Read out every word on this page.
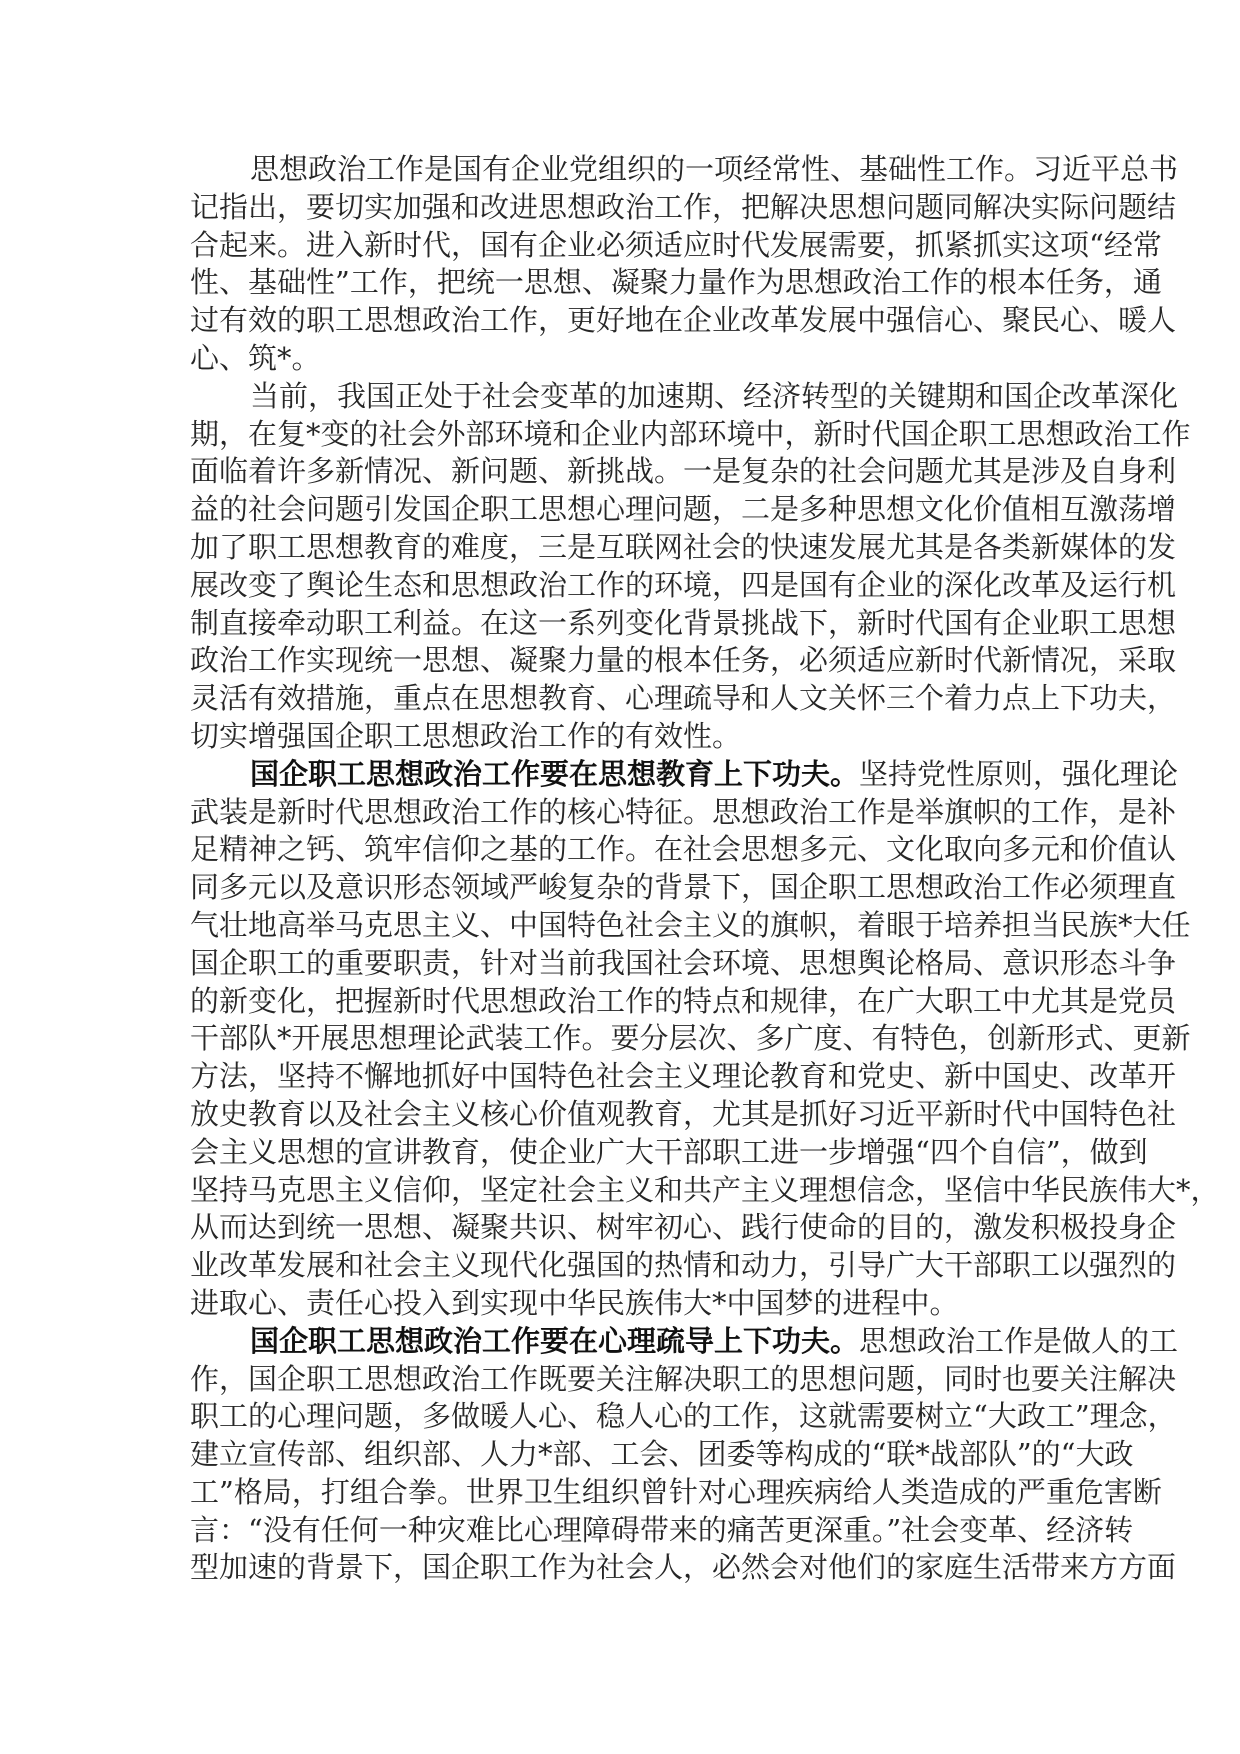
思想政治工作是国有企业党组织的一项经常性、基础性工作。习近平总书
记指出，要切实加强和改进思想政治工作，把解决思想问题同解决实际问题结
合起来。进入新时代，国有企业必须适应时代发展需要，抓紧抓实这项“经常
性、基础性”工作，把统一思想、凝聚力量作为思想政治工作的根本任务，通
过有效的职工思想政治工作，更好地在企业改革发展中强信心、聚民心、暖人
心、筑*。
当前，我国正处于社会变革的加速期、经济转型的关键期和国企改革深化
期，在复*变的社会外部环境和企业内部环境中，新时代国企职工思想政治工作
面临着许多新情况、新问题、新挑战。一是复杂的社会问题尤其是涉及自身利
益的社会问题引发国企职工思想心理问题，二是多种思想文化价值相互激荡增
加了职工思想教育的难度，三是互联网社会的快速发展尤其是各类新媒体的发
展改变了舆论生态和思想政治工作的环境，四是国有企业的深化改革及运行机
制直接牵动职工利益。在这一系列变化背景挑战下，新时代国有企业职工思想
政治工作实现统一思想、凝聚力量的根本任务，必须适应新时代新情况，采取
灵活有效措施，重点在思想教育、心理疏导和人文关怀三个着力点上下功夫，
切实增强国企职工思想政治工作的有效性。
国企职工思想政治工作要在思想教育上下功夫。坚持党性原则，强化理论
武装是新时代思想政治工作的核心特征。思想政治工作是举旗帜的工作，是补
足精神之钙、筑牢信仰之基的工作。在社会思想多元、文化取向多元和价值认
同多元以及意识形态领域严峻复杂的背景下，国企职工思想政治工作必须理直
气壮地高举马克思主义、中国特色社会主义的旗帜，着眼于培养担当民族*大任
国企职工的重要职责，针对当前我国社会环境、思想舆论格局、意识形态斗争
的新变化，把握新时代思想政治工作的特点和规律，在广大职工中尤其是党员
干部队*开展思想理论武装工作。要分层次、多广度、有特色，创新形式、更新
方法，坚持不懈地抓好中国特色社会主义理论教育和党史、新中国史、改革开
放史教育以及社会主义核心价值观教育，尤其是抓好习近平新时代中国特色社
会主义思想的宣讲教育，使企业广大干部职工进一步增强“四个自信”，做到
坚持马克思主义信仰，坚定社会主义和共产主义理想信念，坚信中华民族伟大*，
从而达到统一思想、凝聚共识、树牢初心、践行使命的目的，激发积极投身企
业改革发展和社会主义现代化强国的热情和动力，引导广大干部职工以强烈的
进取心、责任心投入到实现中华民族伟大*中国梦的进程中。
国企职工思想政治工作要在心理疏导上下功夫。思想政治工作是做人的工
作，国企职工思想政治工作既要关注解决职工的思想问题，同时也要关注解决
职工的心理问题，多做暖人心、稳人心的工作，这就需要树立“大政工”理念，
建立宣传部、组织部、人力*部、工会、团委等构成的“联*战部队”的“大政
工”格局，打组合拳。世界卫生组织曾针对心理疾病给人类造成的严重危害断
言：“没有任何一种灾难比心理障碍带来的痛苦更深重。”社会变革、经济转
型加速的背景下，国企职工作为社会人，必然会对他们的家庭生活带来方方面
